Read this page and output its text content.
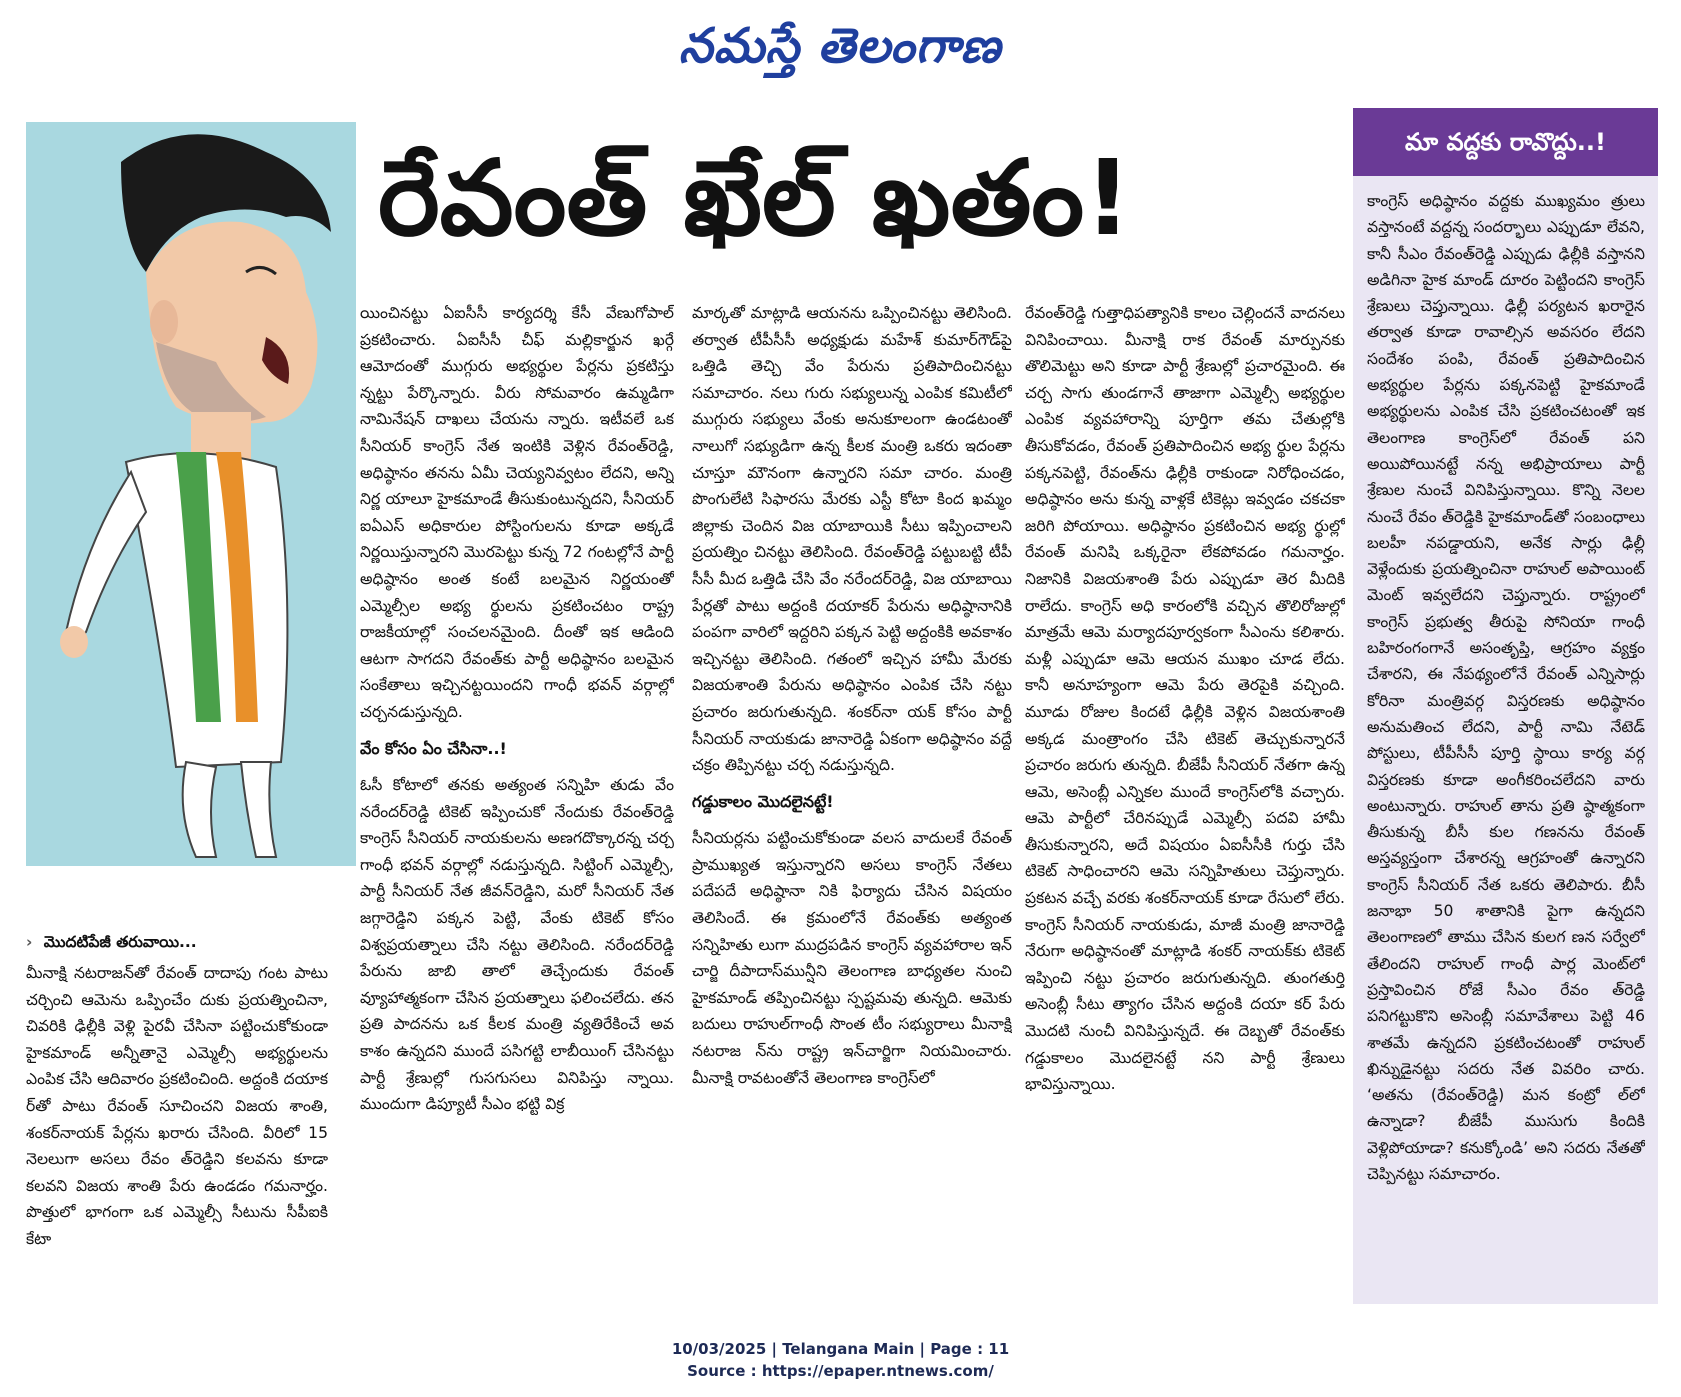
నమస్తే తెలంగాణ
రేవంత్ ఖేల్ ఖతం!
› మొదటిపేజీ తరువాయి...

మీనాక్షి నటరాజన్‌తో రేవంత్ దాదాపు గంట పాటు చర్చించి ఆమెను ఒప్పించేం దుకు ప్రయత్నించినా, చివరికి ఢిల్లీకి వెళ్లి పైరవీ చేసినా పట్టించుకోకుండా హైకమాండ్ అన్నీతానై ఎమ్మెల్సీ అభ్యర్థులను ఎంపిక చేసి ఆదివారం ప్రకటించింది. అద్దంకి దయాక ర్‌తో పాటు రేవంత్ సూచించని విజయ శాంతి, శంకర్‌నాయక్ పేర్లను ఖరారు చేసింది. వీరిలో 15 నెలలుగా అసలు రేవం త్‌రెడ్డిని కలవను కూడా కలవని విజయ శాంతి పేరు ఉండడం గమనార్హం. పొత్తులో భాగంగా ఒక ఎమ్మెల్సీ సీటును సీపీఐకి కేటా

యించినట్టు ఏఐసీసీ కార్యదర్శి కేసీ వేణుగోపాల్ ప్రకటించారు. ఏఐసీసీ చీఫ్ మల్లికార్జున ఖర్గే ఆమోదంతో ముగ్గురు అభ్యర్థుల పేర్లను ప్రకటిస్తు న్నట్టు పేర్కొన్నారు. వీరు సోమవారం ఉమ్మడిగా నామినేషన్ దాఖలు చేయను న్నారు. ఇటీవలే ఒక సీనియర్ కాంగ్రెస్ నేత ఇంటికి వెళ్లిన రేవంత్‌రెడ్డి, అధిష్ఠానం తనను ఏమీ చెయ్యనివ్వటం లేదని, అన్ని నిర్ణ యాలూ హైకమాండే తీసుకుంటున్నదని, సీనియర్ ఐఏఎస్ అధికారుల పోస్టింగులను కూడా అక్కడే నిర్ణయిస్తున్నారని మొరపెట్టు కున్న 72 గంటల్లోనే పార్టీ అధిష్ఠానం అంత కంటే బలమైన నిర్ణయంతో ఎమ్మెల్సీల అభ్య ర్థులను ప్రకటించటం రాష్ట్ర రాజకీయాల్లో సంచలనమైంది. దీంతో ఇక ఆడింది ఆటగా సాగదని రేవంత్‌కు పార్టీ అధిష్ఠానం బలమైన సంకేతాలు ఇచ్చినట్టయిందని గాంధీ భవన్ వర్గాల్లో చర్చనడుస్తున్నది.

వేం కోసం ఏం చేసినా..!

ఓసీ కోటాలో తనకు అత్యంత సన్నిహి తుడు వేం నరేందర్‌రెడ్డి టికెట్ ఇప్పించుకో నేందుకు రేవంత్‌రెడ్డి కాంగ్రెస్ సీనియర్ నాయకులను అణగదొక్కారన్న చర్చ గాంధీ భవన్ వర్గాల్లో నడుస్తున్నది. సిట్టింగ్ ఎమ్మెల్సీ, పార్టీ సీనియర్ నేత జీవన్‌రెడ్డిని, మరో సీనియర్ నేత జగ్గారెడ్డిని పక్కన పెట్టి, వేంకు టికెట్ కోసం విశ్వప్రయత్నాలు చేసి నట్టు తెలిసింది. నరేందర్‌రెడ్డి పేరును జాబి తాలో తెచ్చేందుకు రేవంత్ వ్యూహాత్మకంగా చేసిన ప్రయత్నాలు ఫలించలేదు. తన ప్రతి పాదనను ఒక కీలక మంత్రి వ్యతిరేకించే అవ కాశం ఉన్నదని ముందే పసిగట్టి లాబీయింగ్ చేసినట్టు పార్టీ శ్రేణుల్లో గుసగుసలు వినిపిస్తు న్నాయి. ముందుగా డిప్యూటీ సీఎం భట్టి విక్ర

మార్కతో మాట్లాడి ఆయనను ఒప్పించినట్టు తెలిసింది. తర్వాత టీపీసీసీ అధ్యక్షుడు మహేశ్ కుమార్‌గౌడ్‌పై ఒత్తిడి తెచ్చి వేం పేరును ప్రతిపాదించినట్టు సమాచారం. నలు గురు సభ్యులున్న ఎంపిక కమిటీలో ముగ్గురు సభ్యులు వేంకు అనుకూలంగా ఉండటంతో నాలుగో సభ్యుడిగా ఉన్న కీలక మంత్రి ఒకరు ఇదంతా చూస్తూ మౌనంగా ఉన్నారని సమా చారం. మంత్రి పొంగులేటి సిఫారసు మేరకు ఎస్టీ కోటా కింద ఖమ్మం జిల్లాకు చెందిన విజ యాబాయికి సీటు ఇప్పించాలని ప్రయత్నిం చినట్టు తెలిసింది. రేవంత్‌రెడ్డి పట్టుబట్టి టీపీ సీసీ మీద ఒత్తిడి చేసి వేం నరేందర్‌రెడ్డి, విజ యాబాయి పేర్లతో పాటు అద్దంకి దయాకర్ పేరును అధిష్ఠానానికి పంపగా వారిలో ఇద్దరిని పక్కన పెట్టి అద్దంకికి అవకాశం ఇచ్చినట్టు తెలిసింది. గతంలో ఇచ్చిన హామీ మేరకు విజయశాంతి పేరును అధిష్ఠానం ఎంపిక చేసి నట్టు ప్రచారం జరుగుతున్నది. శంకర్‌నా యక్ కోసం పార్టీ సీనియర్ నాయకుడు జానారెడ్డి ఏకంగా అధిష్ఠానం వద్దే చక్రం తిప్పినట్టు చర్చ నడుస్తున్నది.

గడ్డుకాలం మొదలైనట్టే!

సీనియర్లను పట్టించుకోకుండా వలస వాదులకే రేవంత్ ప్రాముఖ్యత ఇస్తున్నారని అసలు కాంగ్రెస్ నేతలు పదేపదే అధిష్ఠానా నికి ఫిర్యాదు చేసిన విషయం తెలిసిందే. ఈ క్రమంలోనే రేవంత్‌కు అత్యంత సన్నిహితు లుగా ముద్రపడిన కాంగ్రెస్ వ్యవహారాల ఇన్ చార్జి దీపాదాస్‌మున్షీని తెలంగాణ బాధ్యతల నుంచి హైకమాండ్ తప్పించినట్టు స్పష్టమవు తున్నది. ఆమెకు బదులు రాహుల్‌గాంధీ సొంత టీం సభ్యురాలు మీనాక్షి నటరాజ న్‌ను రాష్ట్ర ఇన్‌చార్జిగా నియమించారు. మీనాక్షి రావటంతోనే తెలంగాణ కాంగ్రెస్‌లో

రేవంత్‌రెడ్డి గుత్తాధిపత్యానికి కాలం చెల్లిందనే వాదనలు వినిపించాయి. మీనాక్షి రాక రేవంత్ మార్పునకు తొలిమెట్టు అని కూడా పార్టీ శ్రేణుల్లో ప్రచారమైంది. ఈ చర్చ సాగు తుండగానే తాజాగా ఎమ్మెల్సీ అభ్యర్థుల ఎంపిక వ్యవహారాన్ని పూర్తిగా తమ చేతుల్లోకి తీసుకోవడం, రేవంత్ ప్రతిపాదించిన అభ్య ర్థుల పేర్లను పక్కనపెట్టి, రేవంత్‌ను ఢిల్లీకి రాకుండా నిరోధించడం, అధిష్ఠానం అను కున్న వాళ్లకే టికెట్లు ఇవ్వడం చకచకా జరిగి పోయాయి. అధిష్ఠానం ప్రకటించిన అభ్య ర్థుల్లో రేవంత్ మనిషి ఒక్కరైనా లేకపోవడం గమనార్హం. నిజానికి విజయశాంతి పేరు ఎప్పుడూ తెర మీదికి రాలేదు. కాంగ్రెస్ అధి కారంలోకి వచ్చిన తొలిరోజుల్లో మాత్రమే ఆమె మర్యాదపూర్వకంగా సీఎంను కలిశారు. మళ్లీ ఎప్పుడూ ఆమె ఆయన ముఖం చూడ లేదు. కానీ అనూహ్యంగా ఆమె పేరు తెరపైకి వచ్చింది. మూడు రోజుల కిందటే ఢిల్లీకి వెళ్లిన విజయశాంతి అక్కడ మంత్రాంగం చేసి టికెట్ తెచ్చుకున్నారనే ప్రచారం జరుగు తున్నది. బీజేపీ సీనియర్ నేతగా ఉన్న ఆమె, అసెంబ్లీ ఎన్నికల ముందే కాంగ్రెస్‌లోకి వచ్చారు. ఆమె పార్టీలో చేరినప్పుడే ఎమ్మెల్సీ పదవి హామీ తీసుకున్నారని, అదే విషయం ఏఐసీసీకి గుర్తు చేసి టికెట్ సాధించారని ఆమె సన్నిహితులు చెప్తున్నారు. ప్రకటన వచ్చే వరకు శంకర్‌నాయక్ కూడా రేసులో లేరు. కాంగ్రెస్ సీనియర్ నాయకుడు, మాజీ మంత్రి జానారెడ్డి నేరుగా అధిష్ఠానంతో మాట్లాడి శంకర్ నాయక్‌కు టికెట్ ఇప్పించి నట్టు ప్రచారం జరుగుతున్నది. తుంగతుర్తి అసెంబ్లీ సీటు త్యాగం చేసిన అద్దంకి దయా కర్ పేరు మొదటి నుంచీ వినిపిస్తున్నదే. ఈ దెబ్బతో రేవంత్‌కు గడ్డుకాలం మొదలైనట్టే నని పార్టీ శ్రేణులు భావిస్తున్నాయి.

మా వద్దకు రావొద్దు..!
కాంగ్రెస్ అధిష్ఠానం వద్దకు ముఖ్యమం త్రులు వస్తానంటే వద్దన్న సందర్భాలు ఎప్పుడూ లేవని, కానీ సీఎం రేవంత్‌రెడ్డి ఎప్పుడు ఢిల్లీకి వస్తానని అడిగినా హైక మాండ్ దూరం పెట్టిందని కాంగ్రెస్ శ్రేణులు చెప్తున్నాయి. ఢిల్లీ పర్యటన ఖరారైన తర్వాత కూడా రావాల్సిన అవసరం లేదని సందేశం పంపి, రేవంత్ ప్రతిపాదించిన అభ్యర్థుల పేర్లను పక్కనపెట్టి హైకమాండే అభ్యర్థులను ఎంపిక చేసి ప్రకటించటంతో ఇక తెలంగాణ కాంగ్రెస్‌లో రేవంత్ పని అయిపోయినట్టే నన్న అభిప్రాయాలు పార్టీ శ్రేణుల నుంచే వినిపిస్తున్నాయి. కొన్ని నెలల నుంచే రేవం త్‌రెడ్డికి హైకమాండ్‌తో సంబంధాలు బలహీ నపడ్డాయని, అనేక సార్లు ఢిల్లీ వెళ్లేందుకు ప్రయత్నించినా రాహుల్ అపాయింట్ మెంట్ ఇవ్వలేదని చెప్తున్నారు. రాష్ట్రంలో కాంగ్రెస్ ప్రభుత్వ తీరుపై సోనియా గాంధీ బహిరంగంగానే అసంతృప్తి, ఆగ్రహం వ్యక్తం చేశారని, ఈ నేపథ్యంలోనే రేవంత్ ఎన్నిసార్లు కోరినా మంత్రివర్గ విస్తరణకు అధిష్ఠానం అనుమతించ లేదని, పార్టీ నామి నేటెడ్ పోస్టులు, టీపీసీసీ పూర్తి స్థాయి కార్య వర్గ విస్తరణకు కూడా అంగీకరించలేదని వారు అంటున్నారు. రాహుల్ తాను ప్రతి ష్ఠాత్మకంగా తీసుకున్న బీసీ కుల గణనను రేవంత్ అస్తవ్యస్తంగా చేశారన్న ఆగ్రహంతో ఉన్నారని కాంగ్రెస్ సీనియర్ నేత ఒకరు తెలిపారు. బీసీ జనాభా 50 శాతానికి పైగా ఉన్నదని తెలంగాణలో తాము చేసిన కులగ ణన సర్వేలో తేలిందని రాహుల్ గాంధీ పార్ల మెంట్‌లో ప్రస్తావించిన రోజే సీఎం రేవం త్‌రెడ్డి పనిగట్టుకొని అసెంబ్లీ సమావేశాలు పెట్టి 46 శాతమే ఉన్నదని ప్రకటించటంతో రాహుల్ ఖిన్నుడైనట్టు సదరు నేత వివరిం చారు. ‘అతను (రేవంత్‌రెడ్డి) మన కంట్రో ల్‌లో ఉన్నాడా? బీజేపీ ముసుగు కిందికి వెళ్లిపోయాడా? కనుక్కోండి’ అని సదరు నేతతో చెప్పినట్టు సమాచారం.
10/03/2025 | Telangana Main | Page : 11
Source : https://epaper.ntnews.com/
